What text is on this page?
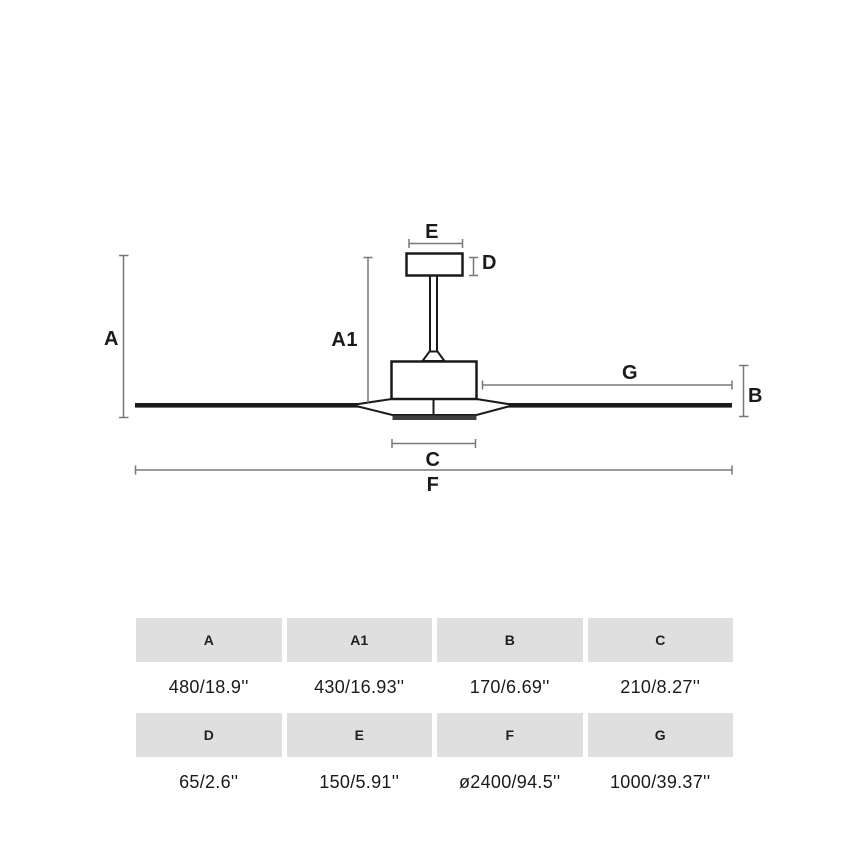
A	A1
E
D
G
B
C
F
A	A1	B	C
480/18.9''	430/16.93''	170/6.69''	210/8.27''
D	E	F	G
65/2.6''	150/5.91''	ø2400/94.5''	1000/39.37''
